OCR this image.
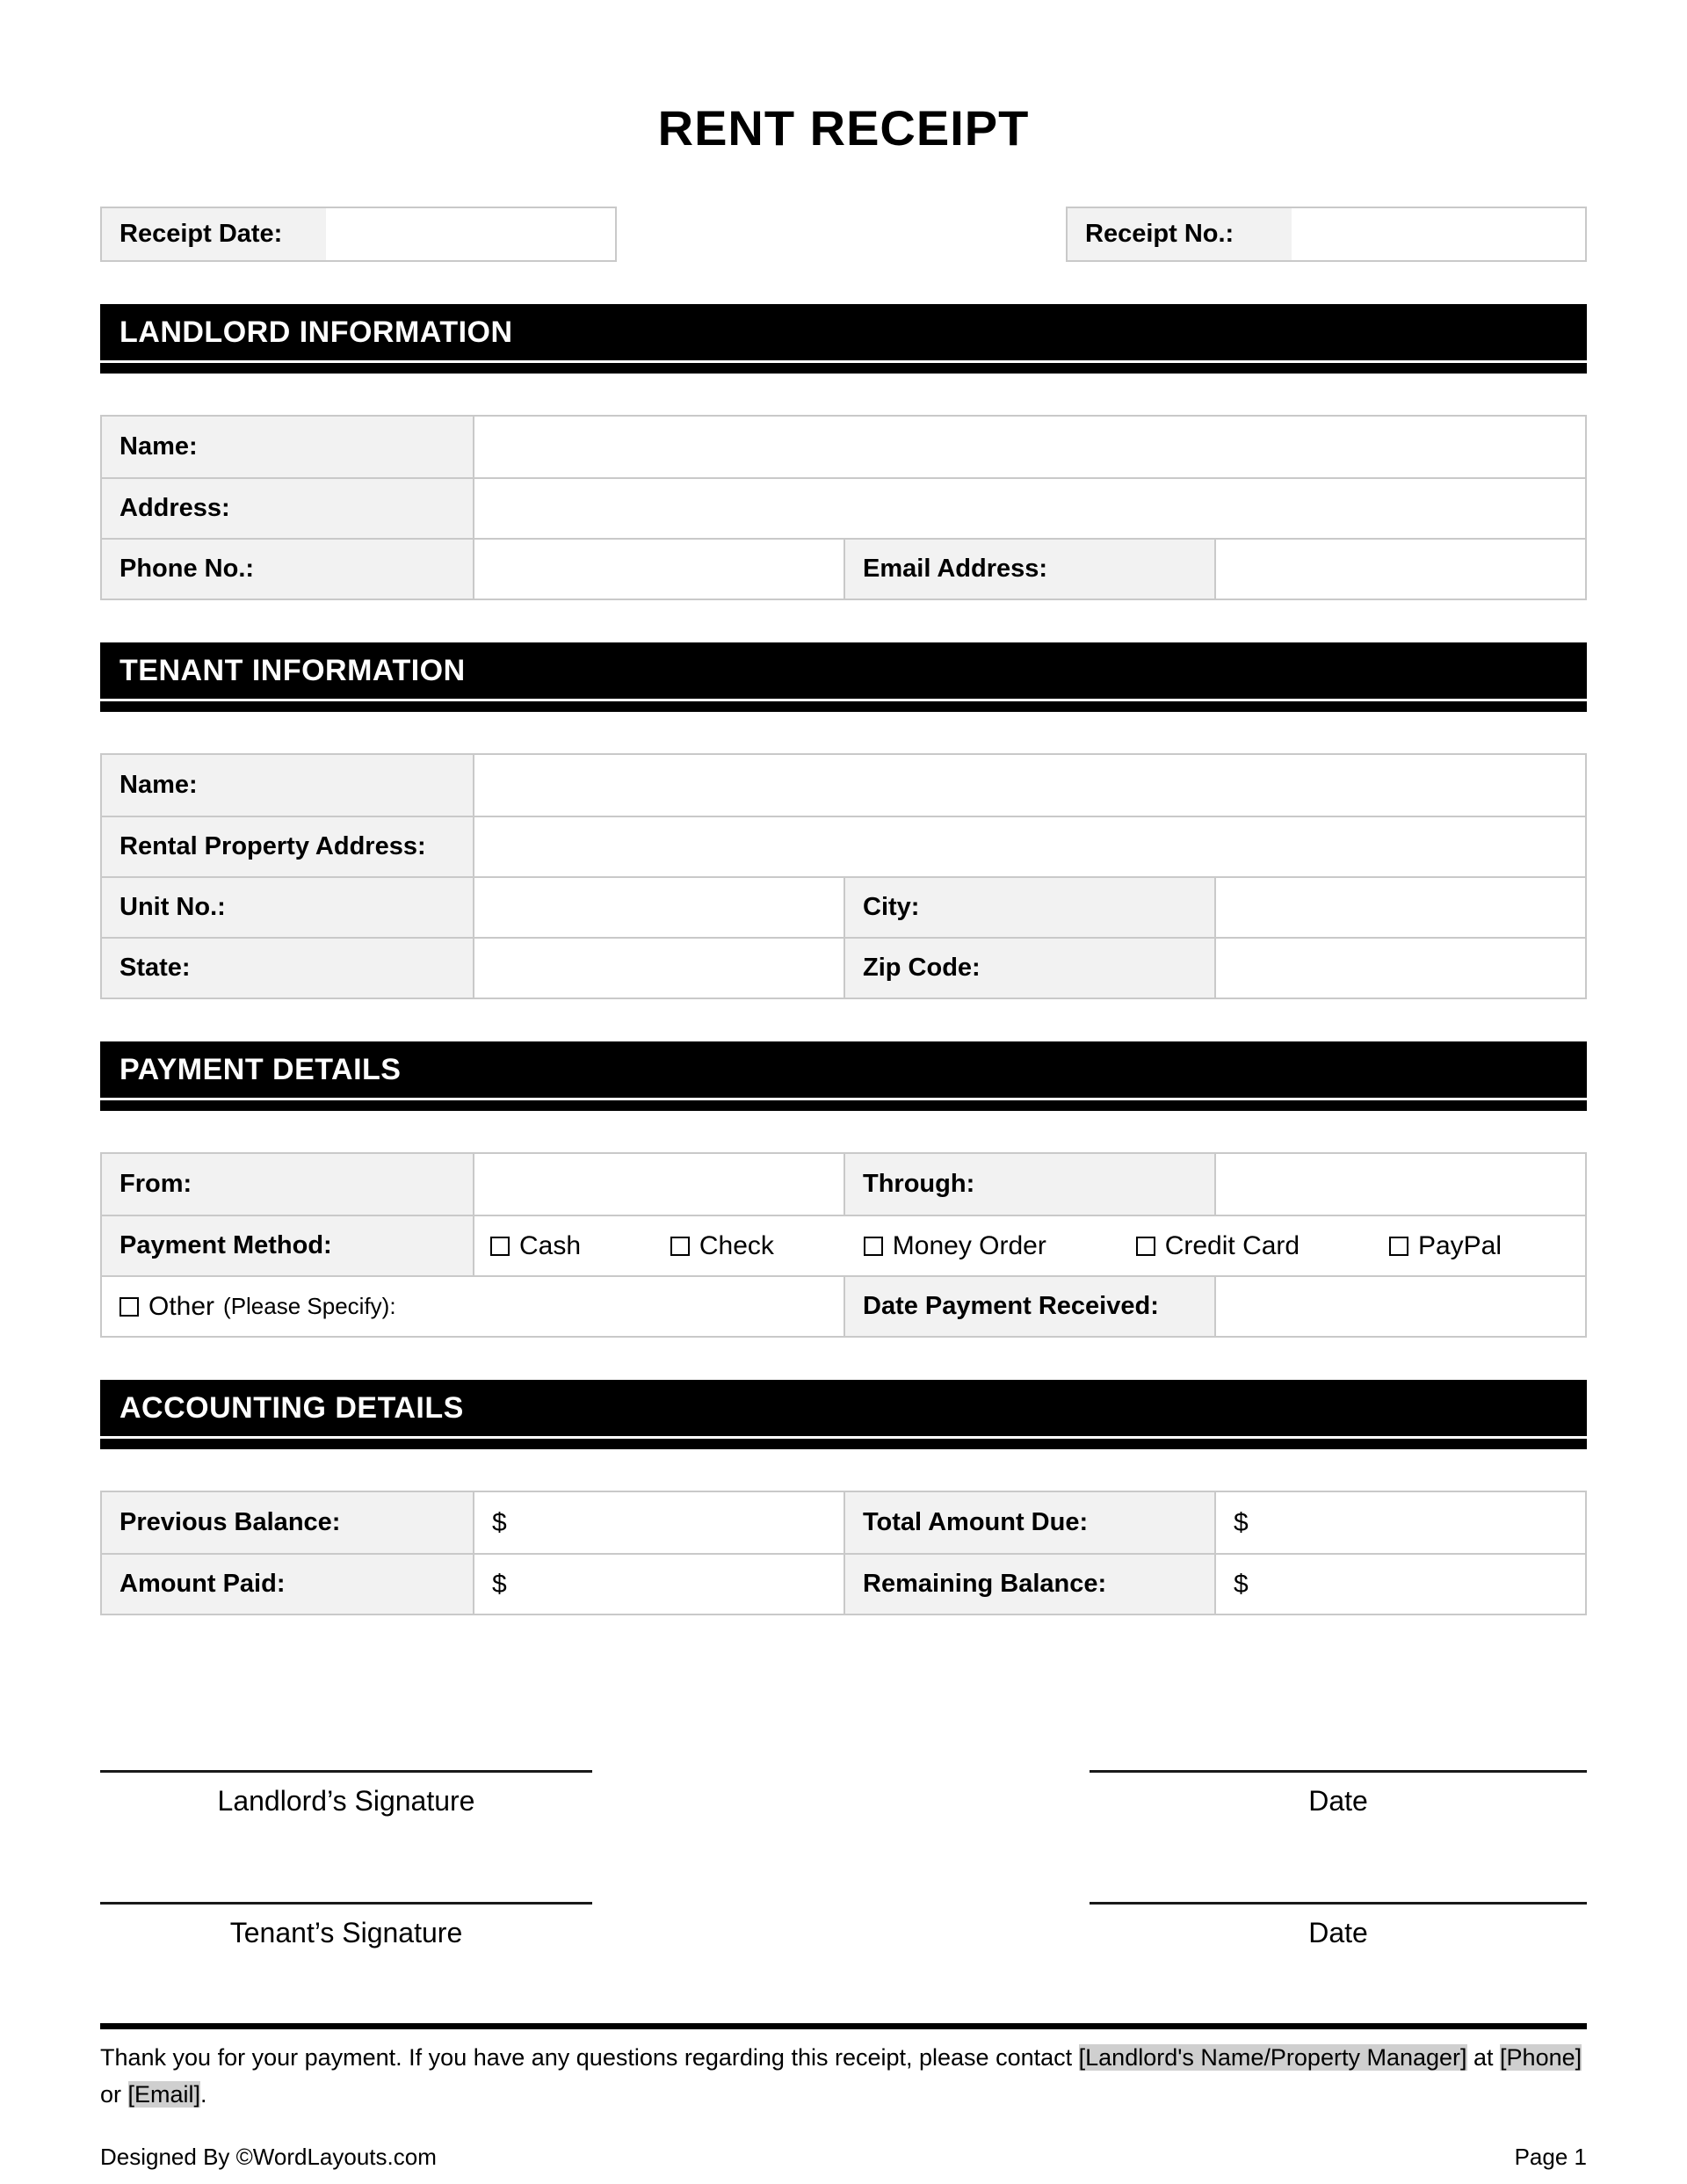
RENT RECEIPT
Receipt Date:	Receipt No.:
LANDLORD INFORMATION
Name:
Address:
Phone No.:	Email Address:
TENANT INFORMATION
Name:
Rental Property Address:
Unit No.:	City:
State:	Zip Code:
PAYMENT DETAILS
From:	Through:
Payment Method:	Cash	Check	Money Order	Credit Card	PayPal
Other (Please Specify):	Date Payment Received:
ACCOUNTING DETAILS
Previous Balance:	$	Total Amount Due:	$
Amount Paid:	$	Remaining Balance:	$
Landlord’s Signature	Date
Tenant’s Signature	Date

Thank you for your payment. If you have any questions regarding this receipt, please contact [Landlord's Name/Property Manager] at [Phone] or [Email].

Designed By ©WordLayouts.com	Page 1
